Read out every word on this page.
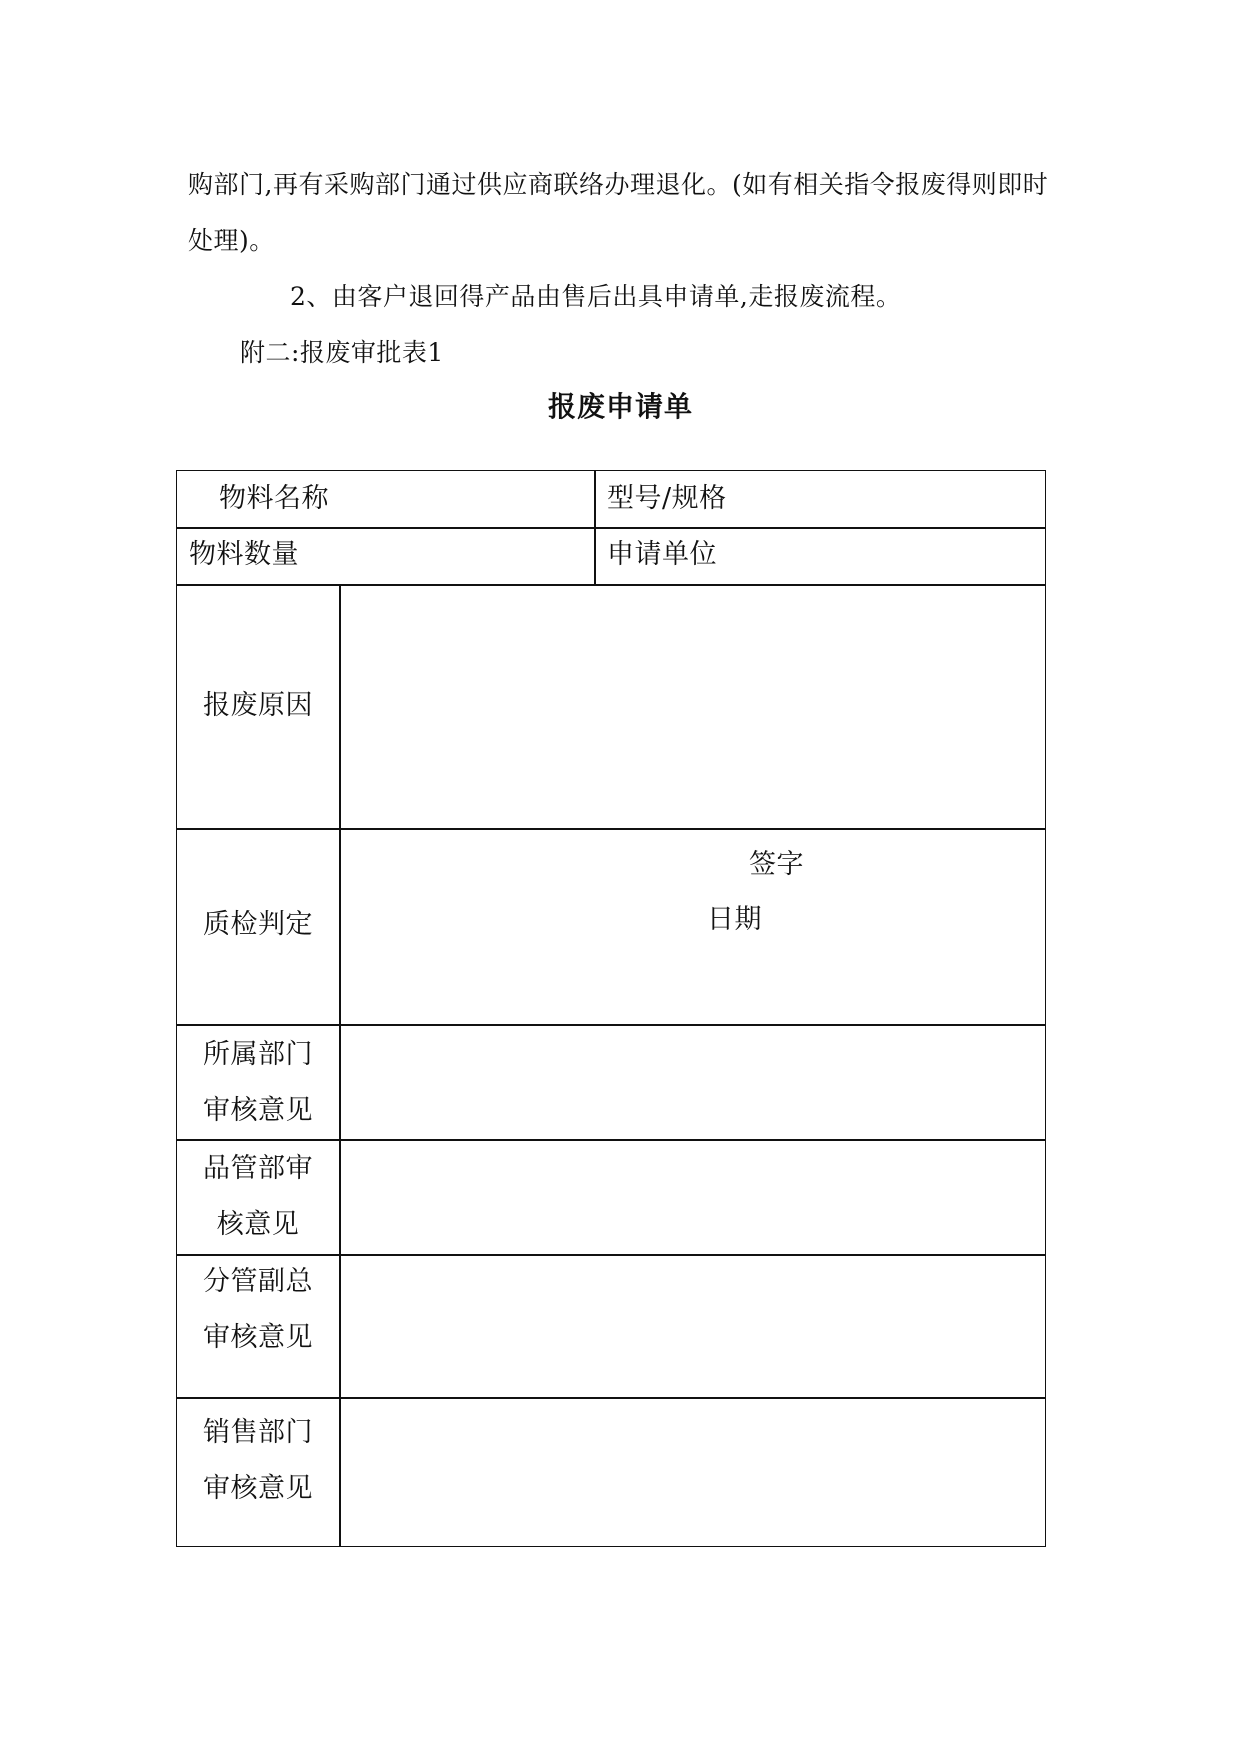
购部门,再有采购部门通过供应商联络办理退化。(如有相关指令报废得则即时
处理)。
2、由客户退回得产品由售后出具申请单,走报废流程。
附二:报废审批表1
报废申请单
物料名称	型号/规格
物料数量	申请单位
报废原因
质检判定
签字
日期
所属部门
审核意见
品管部审
核意见
分管副总
审核意见
销售部门
审核意见
